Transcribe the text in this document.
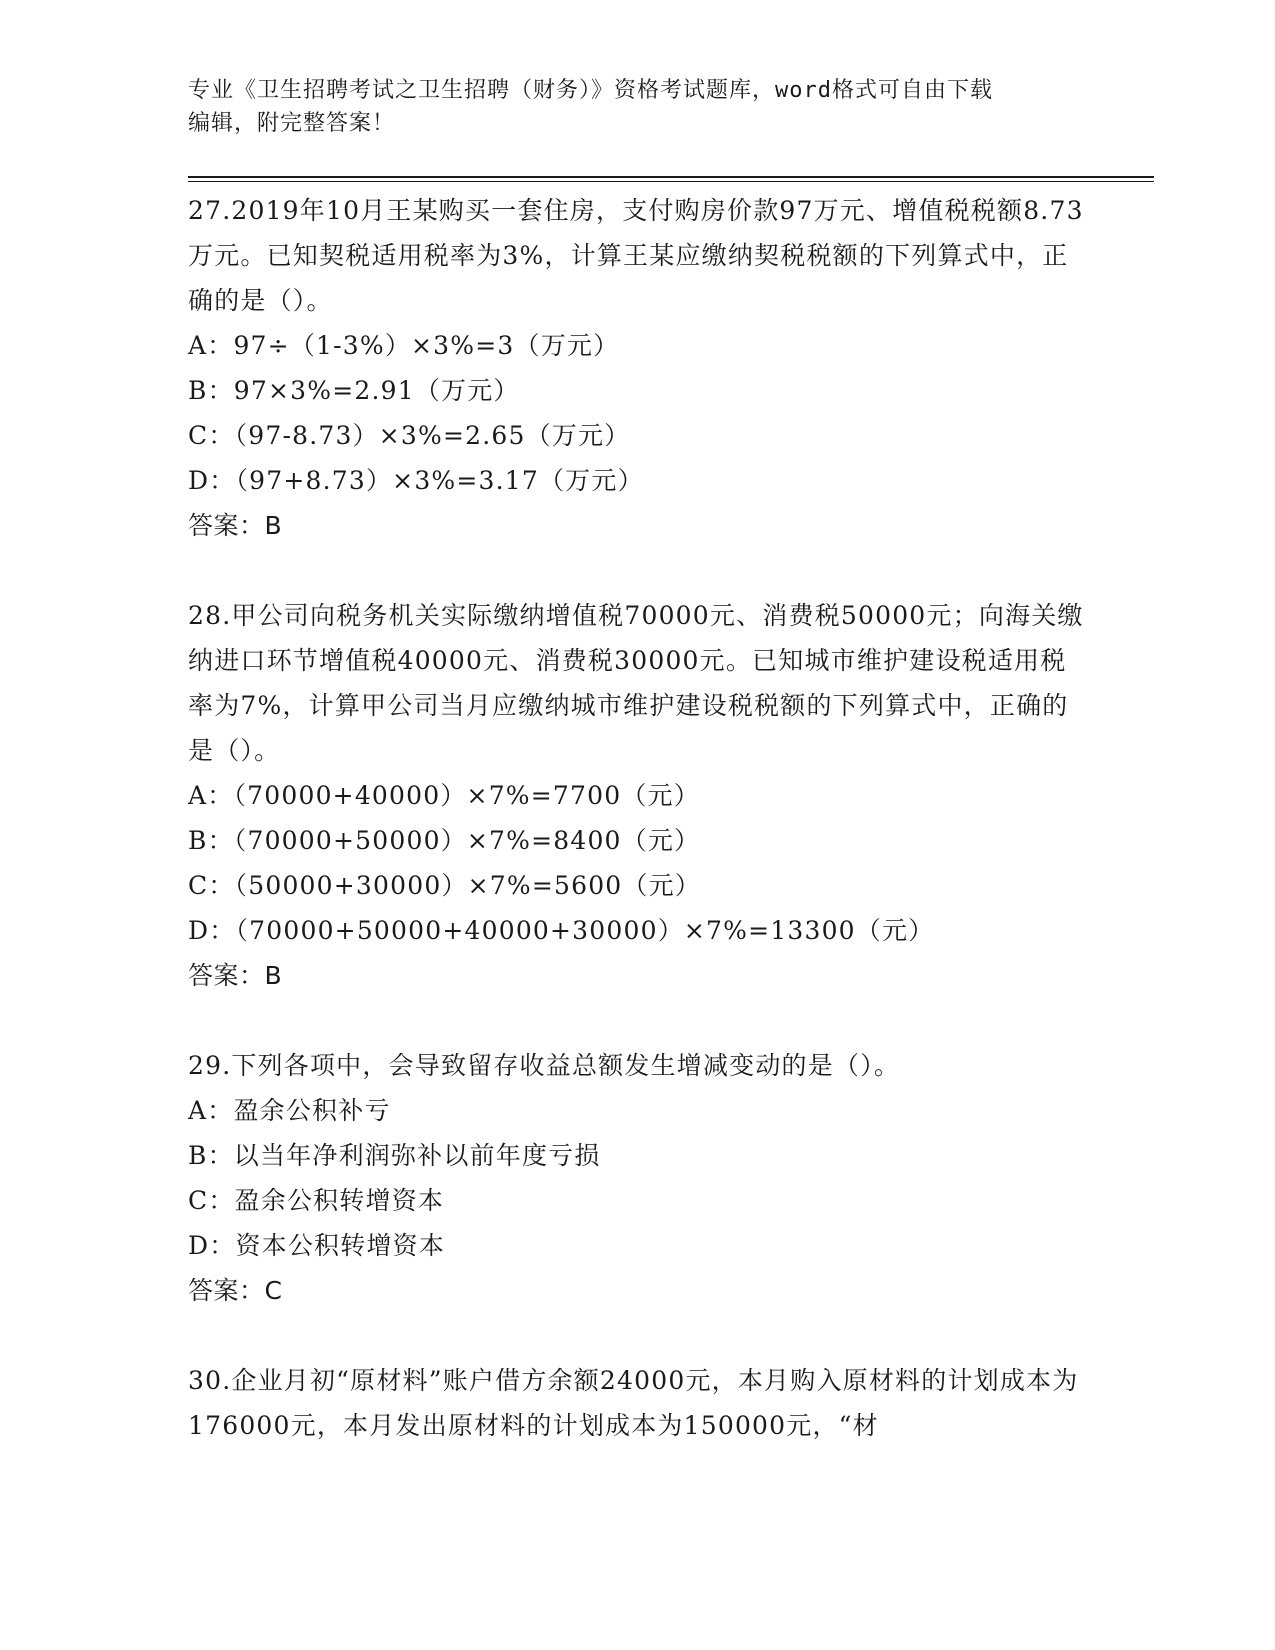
专业《卫生招聘考试之卫生招聘（财务）》资格考试题库，word格式可自由下载
编辑，附完整答案！

27.2019年10月王某购买一套住房，支付购房价款97万元、增值税税额8.73万元。已知契税适用税率为3%，计算王某应缴纳契税税额的下列算式中，正确的是（）。

A：97÷（1-3%）×3%=3（万元）

B：97×3%=2.91（万元）

C：（97-8.73）×3%=2.65（万元）

D：（97+8.73）×3%=3.17（万元）

答案：B

28.甲公司向税务机关实际缴纳增值税70000元、消费税50000元；向海关缴纳进口环节增值税40000元、消费税30000元。已知城市维护建设税适用税率为7%，计算甲公司当月应缴纳城市维护建设税税额的下列算式中，正确的是（）。

A：（70000+40000）×7%=7700（元）

B：（70000+50000）×7%=8400（元）

C：（50000+30000）×7%=5600（元）

D：（70000+50000+40000+30000）×7%=13300（元）

答案：B

29.下列各项中，会导致留存收益总额发生增减变动的是（）。

A：盈余公积补亏

B：以当年净利润弥补以前年度亏损

C：盈余公积转增资本

D：资本公积转增资本

答案：C

30.企业月初“原材料”账户借方余额24000元，本月购入原材料的计划成本为176000元，本月发出原材料的计划成本为150000元，“材
